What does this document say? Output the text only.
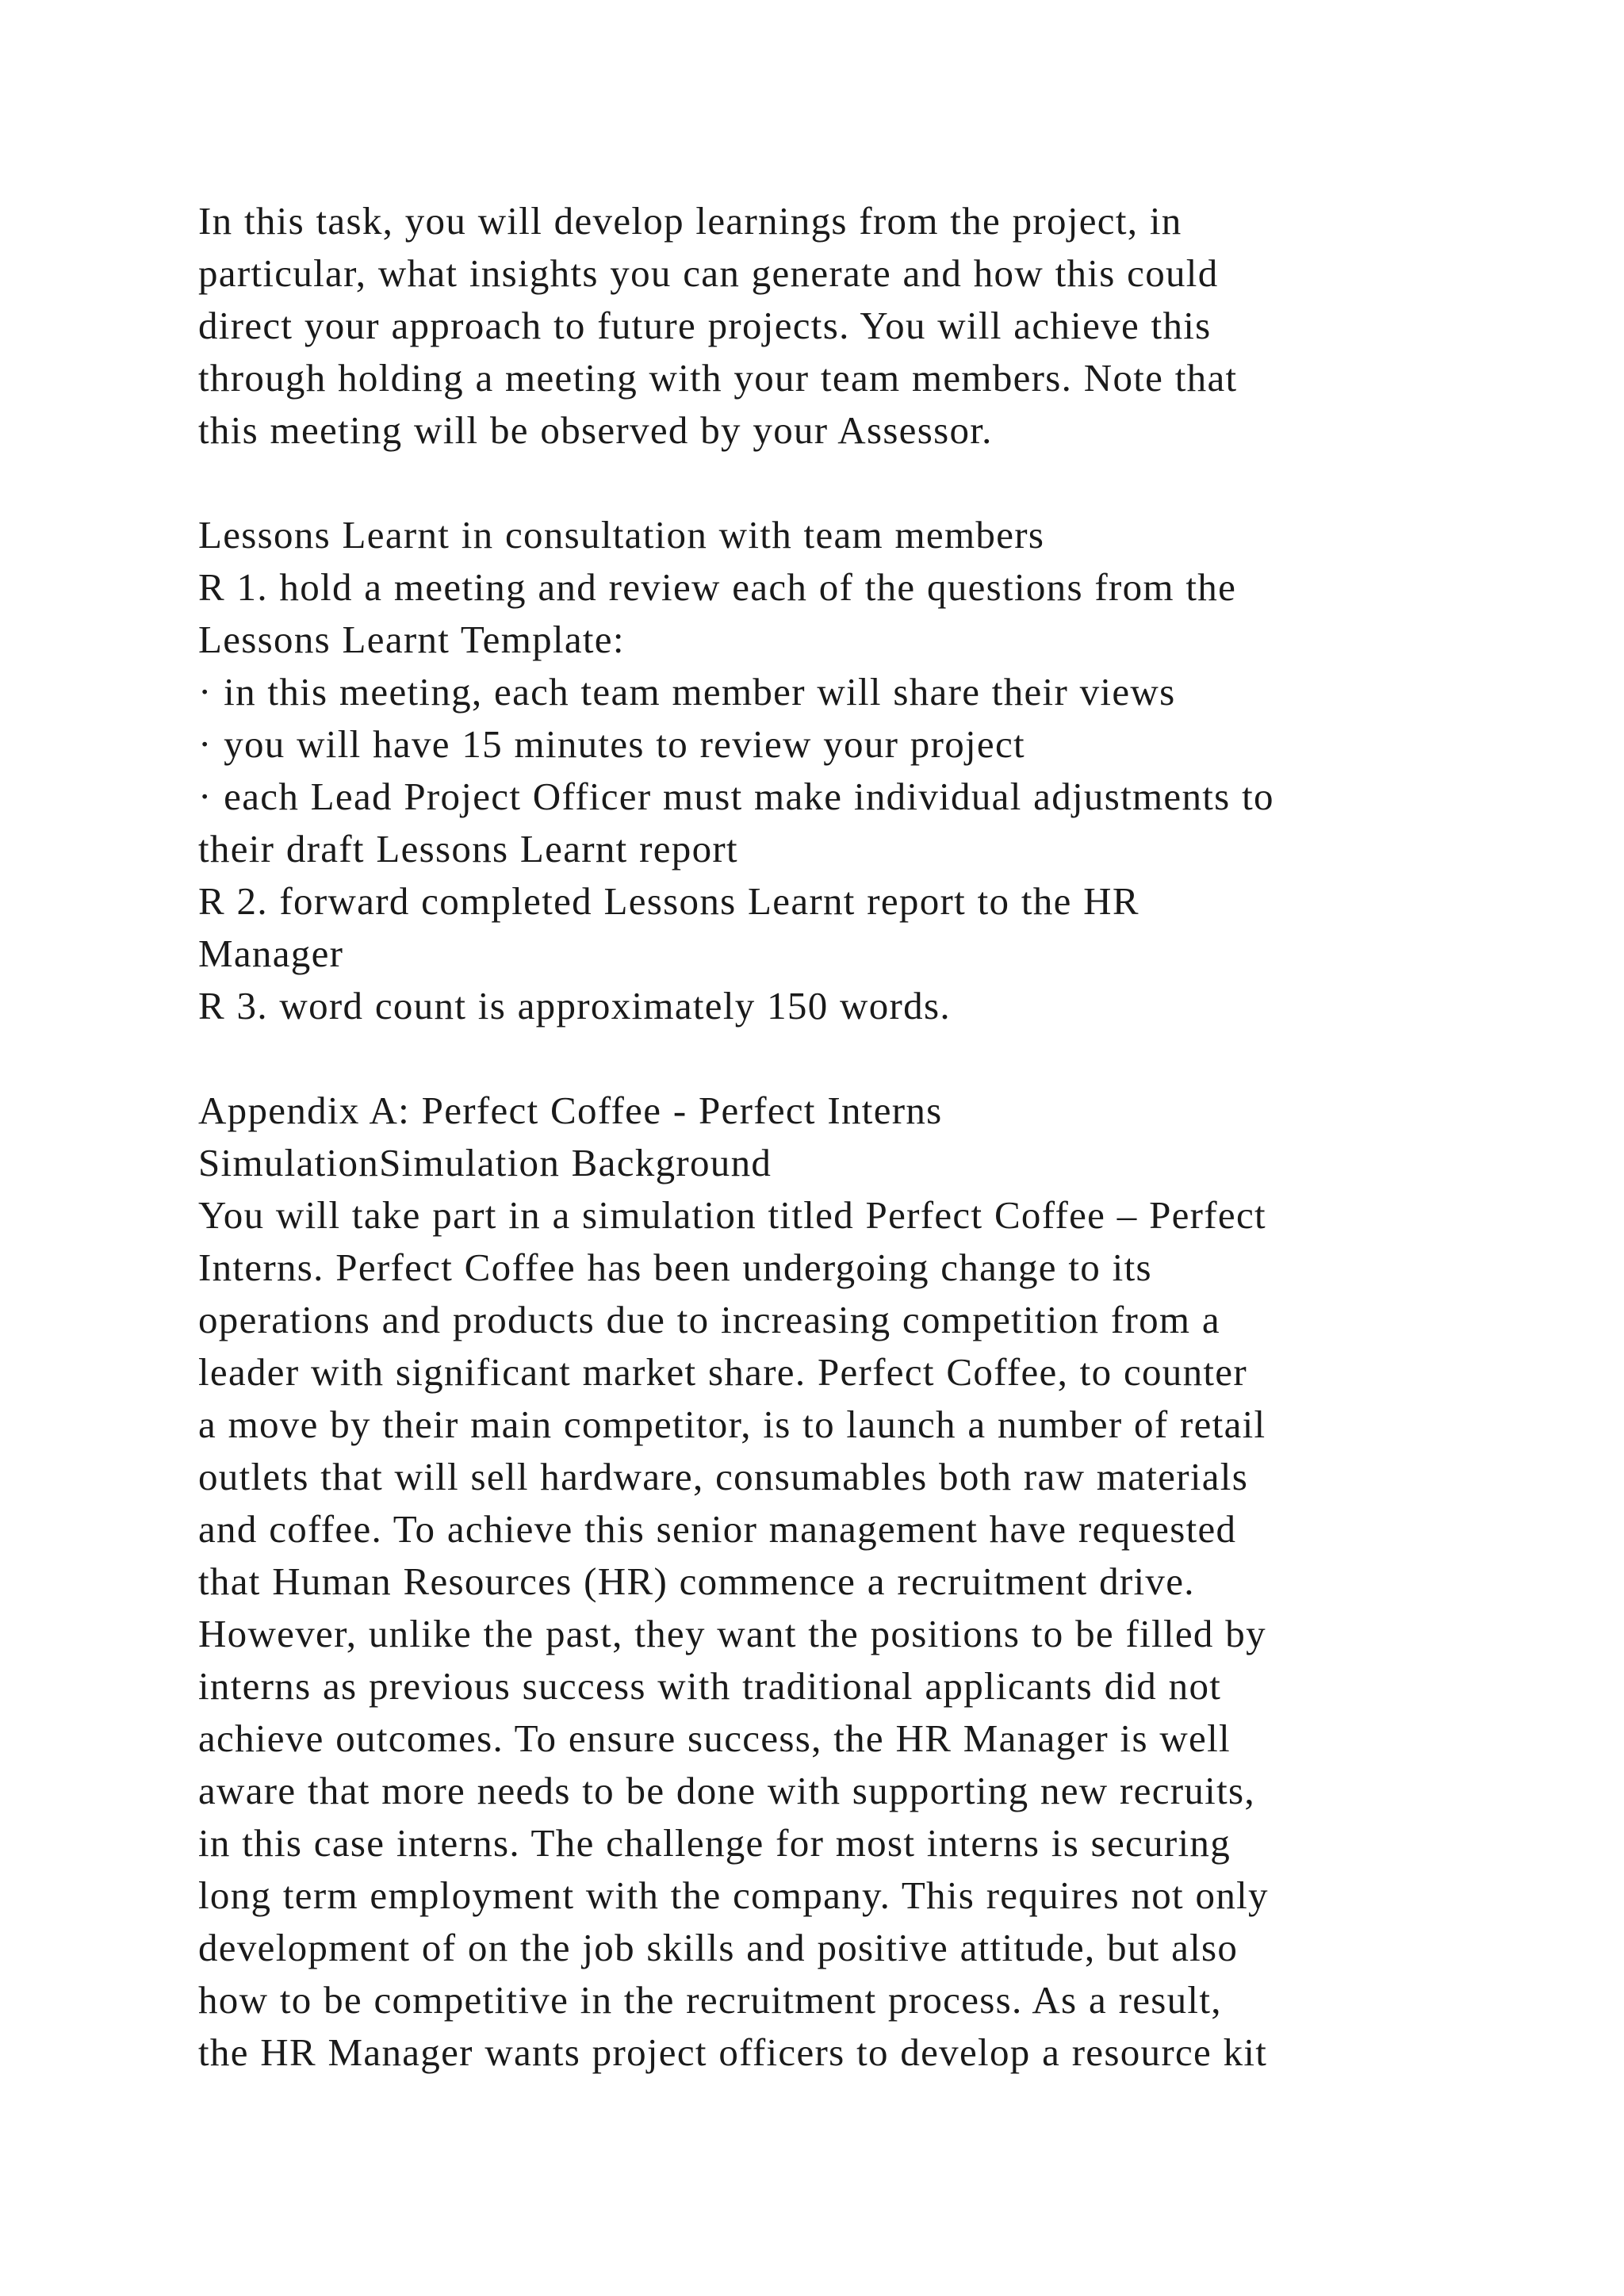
In this task, you will develop learnings from the project, in
particular, what insights you can generate and how this could
direct your approach to future projects. You will achieve this
through holding a meeting with your team members. Note that
this meeting will be observed by your Assessor.
Lessons Learnt in consultation with team members
R 1. hold a meeting and review each of the questions from the
Lessons Learnt Template:
· in this meeting, each team member will share their views
· you will have 15 minutes to review your project
· each Lead Project Officer must make individual adjustments to
their draft Lessons Learnt report
R 2. forward completed Lessons Learnt report to the HR
Manager
R 3. word count is approximately 150 words.
Appendix A: Perfect Coffee - Perfect Interns
SimulationSimulation Background
You will take part in a simulation titled Perfect Coffee – Perfect
Interns. Perfect Coffee has been undergoing change to its
operations and products due to increasing competition from a
leader with significant market share. Perfect Coffee, to counter
a move by their main competitor, is to launch a number of retail
outlets that will sell hardware, consumables both raw materials
and coffee. To achieve this senior management have requested
that Human Resources (HR) commence a recruitment drive.
However, unlike the past, they want the positions to be filled by
interns as previous success with traditional applicants did not
achieve outcomes. To ensure success, the HR Manager is well
aware that more needs to be done with supporting new recruits,
in this case interns. The challenge for most interns is securing
long term employment with the company. This requires not only
development of on the job skills and positive attitude, but also
how to be competitive in the recruitment process. As a result,
the HR Manager wants project officers to develop a resource kit
